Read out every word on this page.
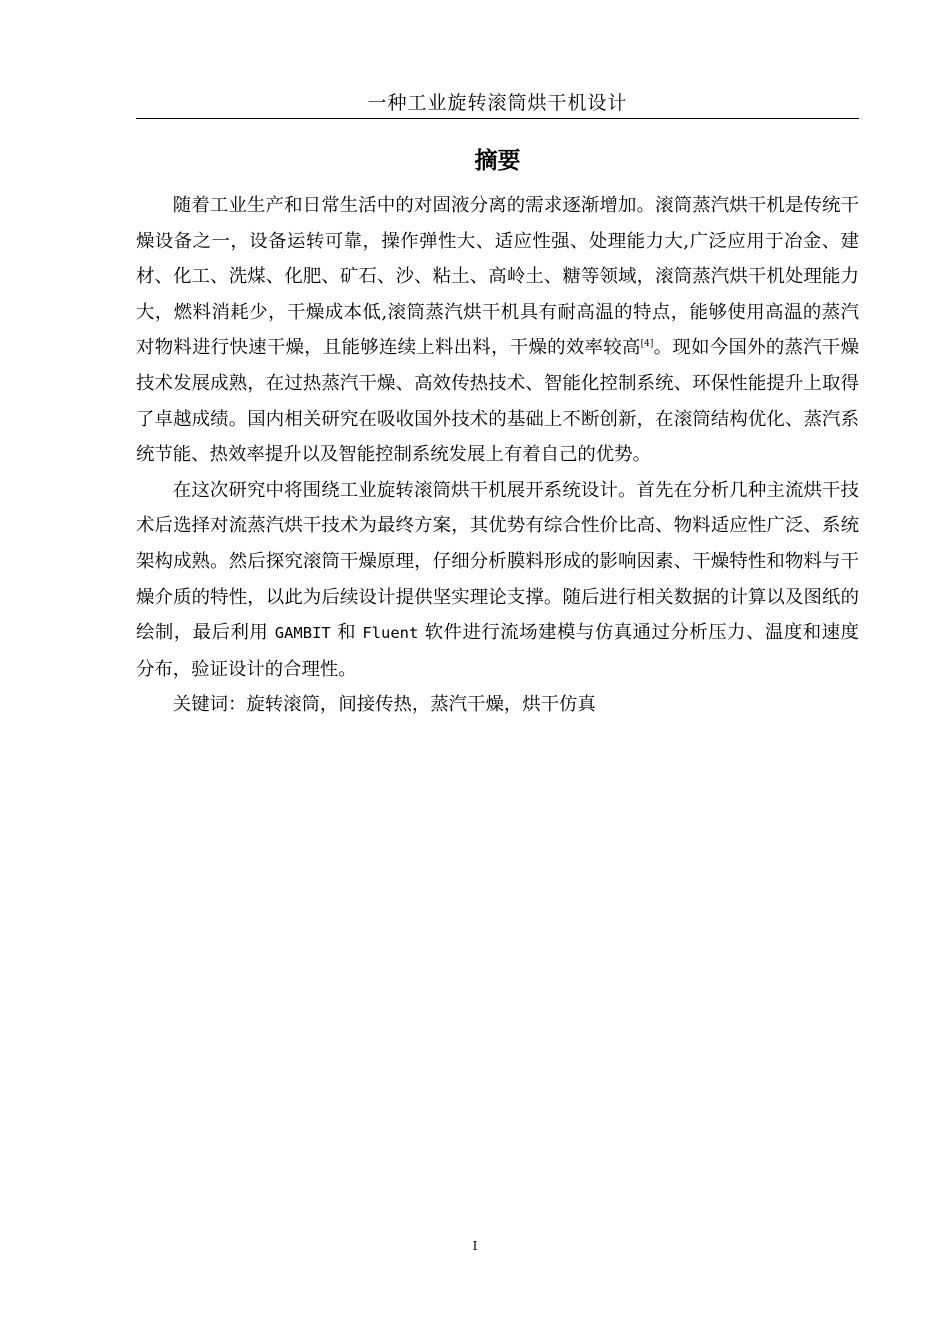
一种工业旋转滚筒烘干机设计
摘要

随着工业生产和日常生活中的对固液分离的需求逐渐增加。滚筒蒸汽烘干机是传统干燥设备之一，设备运转可靠，操作弹性大、适应性强、处理能力大,广泛应用于冶金、建材、化工、洗煤、化肥、矿石、沙、粘土、高岭土、糖等领域，滚筒蒸汽烘干机处理能力大，燃料消耗少，干燥成本低,滚筒蒸汽烘干机具有耐高温的特点，能够使用高温的蒸汽对物料进行快速干燥，且能够连续上料出料，干燥的效率较高[4]。现如今国外的蒸汽干燥技术发展成熟，在过热蒸汽干燥、高效传热技术、智能化控制系统、环保性能提升上取得了卓越成绩。国内相关研究在吸收国外技术的基础上不断创新，在滚筒结构优化、蒸汽系统节能、热效率提升以及智能控制系统发展上有着自己的优势。

在这次研究中将围绕工业旋转滚筒烘干机展开系统设计。首先在分析几种主流烘干技术后选择对流蒸汽烘干技术为最终方案，其优势有综合性价比高、物料适应性广泛、系统架构成熟。然后探究滚筒干燥原理，仔细分析膜料形成的影响因素、干燥特性和物料与干燥介质的特性，以此为后续设计提供坚实理论支撑。随后进行相关数据的计算以及图纸的绘制，最后利用 GAMBIT 和 Fluent 软件进行流场建模与仿真通过分析压力、温度和速度分布，验证设计的合理性。

关键词：旋转滚筒，间接传热，蒸汽干燥，烘干仿真

I
